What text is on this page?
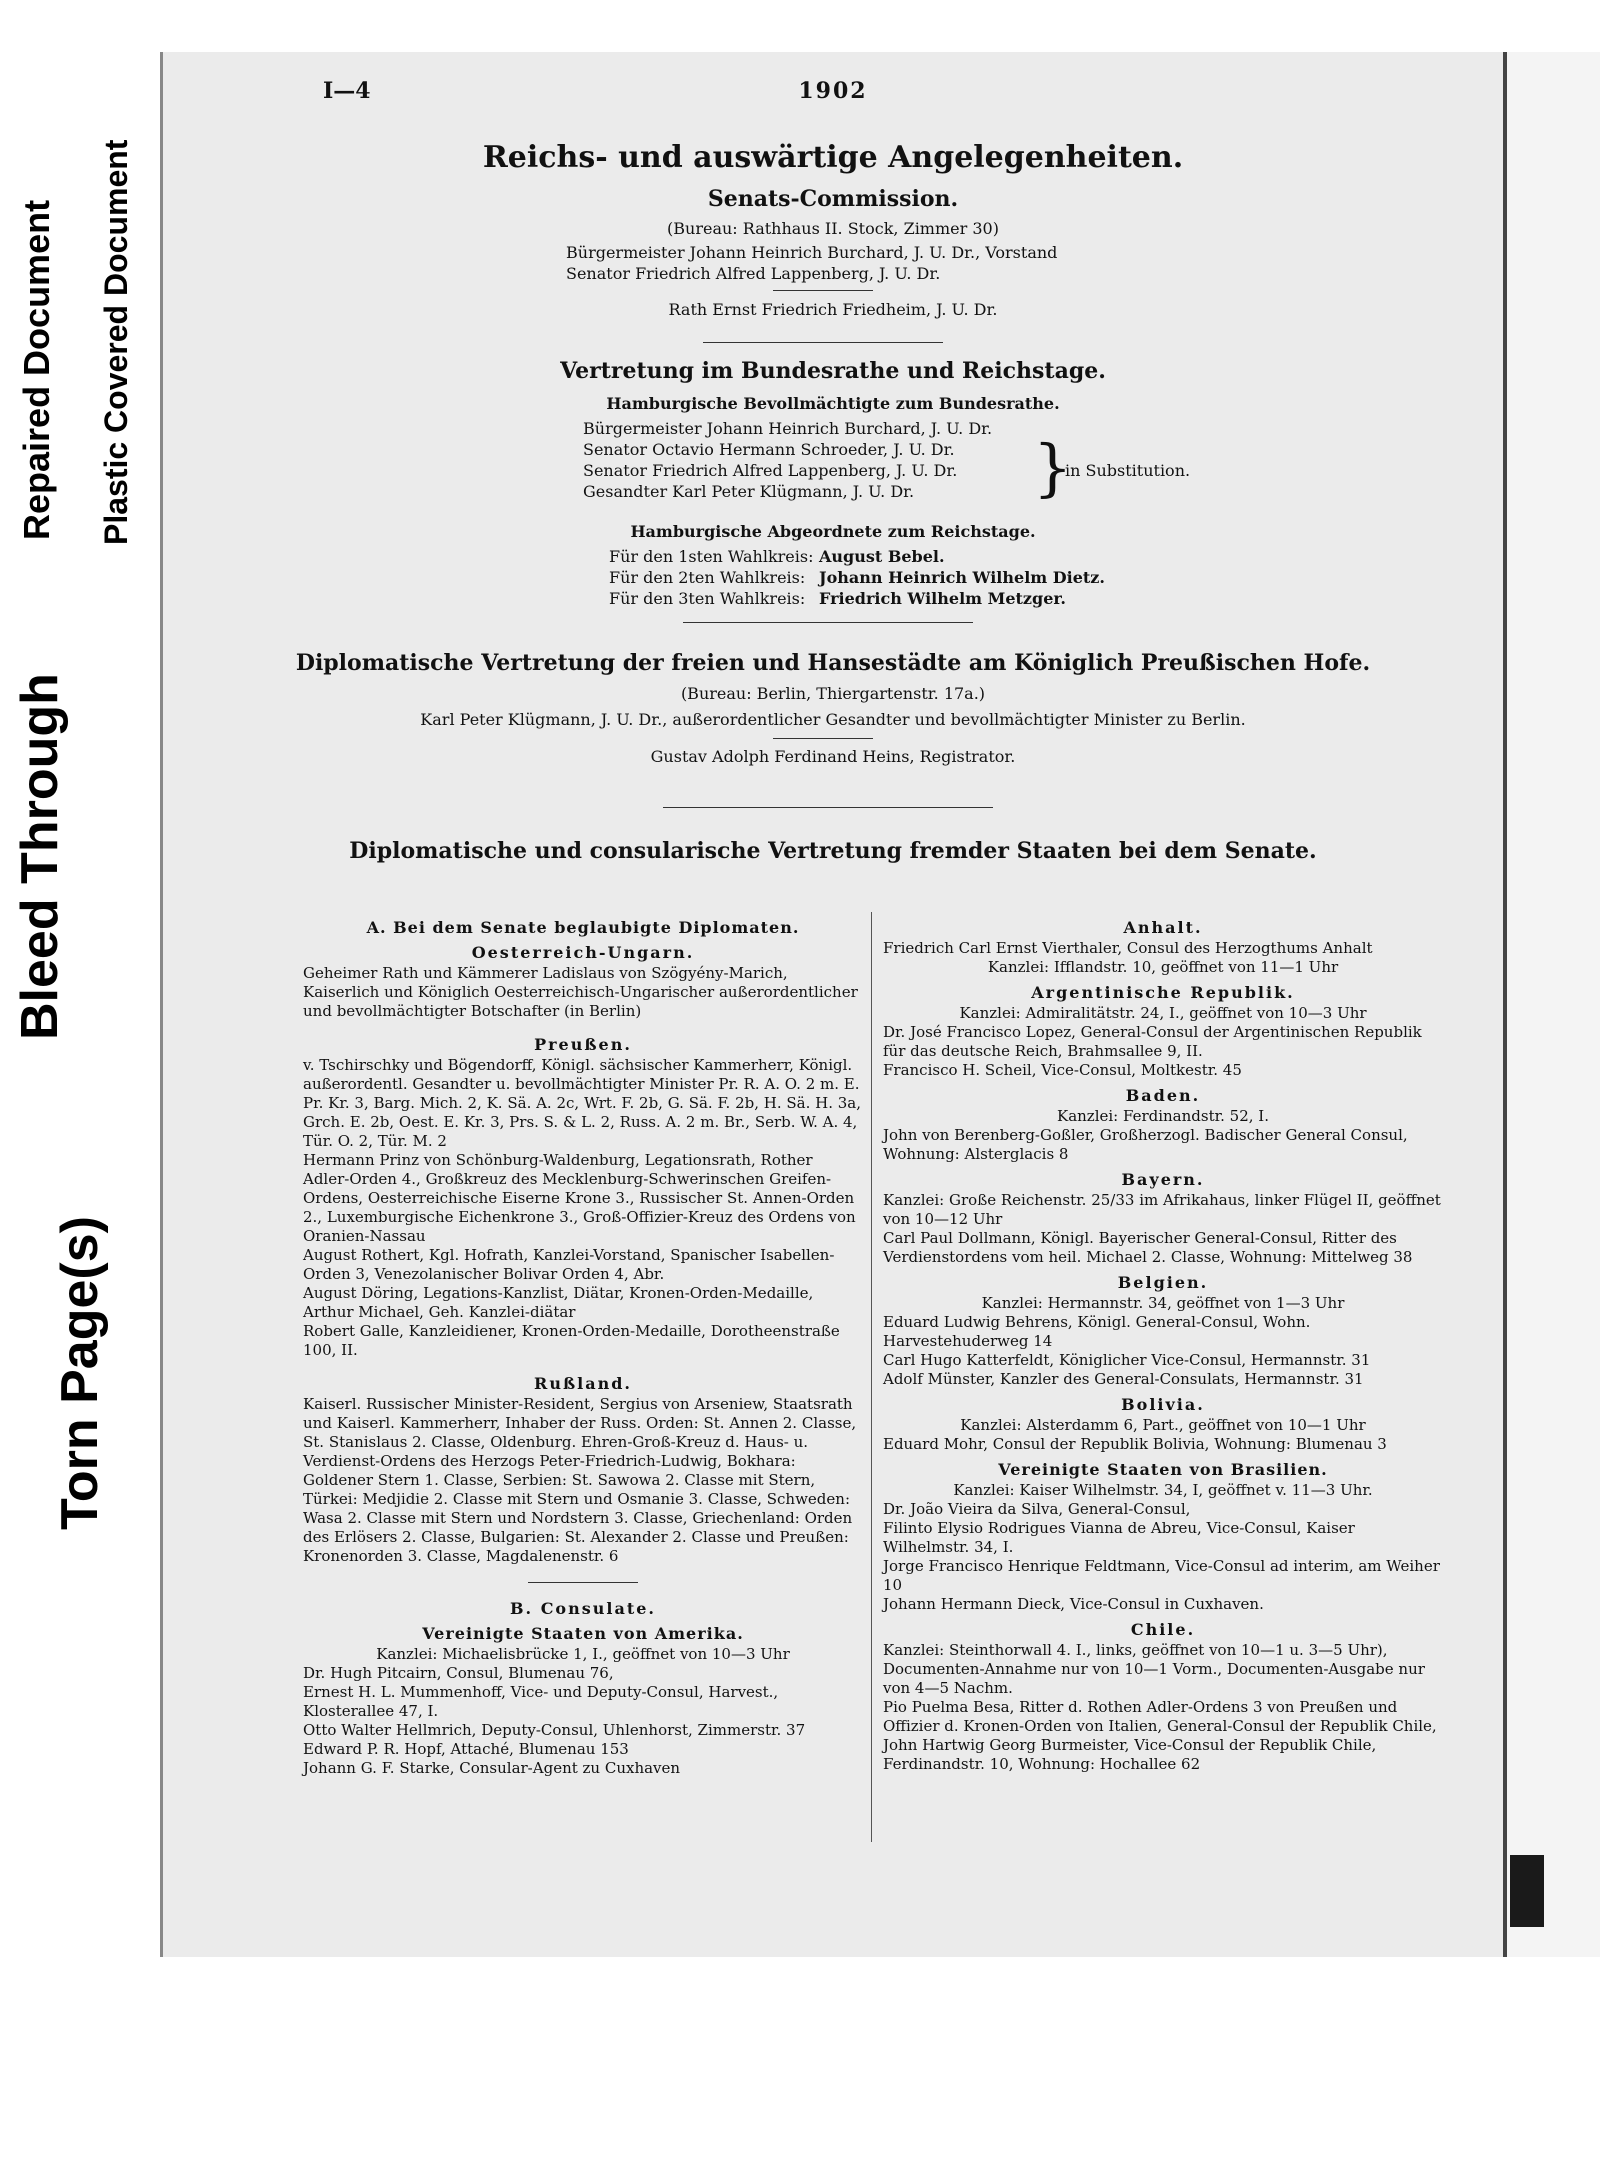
Repaired Document Plastic Covered Document
Bleed Through
Torn Page(s)
I—4	1902
Reichs- und auswärtige Angelegenheiten.
Senats-Commission.
(Bureau: Rathhaus II. Stock, Zimmer 30)
Bürgermeister Johann Heinrich Burchard, J. U. Dr., Vorstand
Senator Friedrich Alfred Lappenberg, J. U. Dr.
Rath Ernst Friedrich Friedheim, J. U. Dr.
Vertretung im Bundesrathe und Reichstage.
Hamburgische Bevollmächtigte zum Bundesrathe.
Bürgermeister Johann Heinrich Burchard, J. U. Dr.
Senator Octavio Hermann Schroeder, J. U. Dr.
Senator Friedrich Alfred Lappenberg, J. U. Dr.
Gesandter Karl Peter Klügmann, J. U. Dr.	}
in Substitution.
Hamburgische Abgeordnete zum Reichstage.
Für den 1sten Wahlkreis: August Bebel.
Für den 2ten Wahlkreis: Johann Heinrich Wilhelm Dietz.
Für den 3ten Wahlkreis: Friedrich Wilhelm Metzger.
Diplomatische Vertretung der freien und Hansestädte am Königlich Preußischen Hofe.
(Bureau: Berlin, Thiergartenstr. 17a.)
Karl Peter Klügmann, J. U. Dr., außerordentlicher Gesandter und bevollmächtigter Minister zu Berlin.
Gustav Adolph Ferdinand Heins, Registrator.
Diplomatische und consularische Vertretung fremder Staaten bei dem Senate.
A. Bei dem Senate beglaubigte Diplomaten.
Oesterreich-Ungarn.

Geheimer Rath und Kämmerer Ladislaus von Szögyény-Marich, Kaiserlich und Königlich Oesterreichisch-Ungarischer außerordentlicher und bevollmächtigter Botschafter (in Berlin)

Preußen.

v. Tschirschky und Bögendorff, Königl. sächsischer Kammerherr, Königl. außerordentl. Gesandter u. bevollmächtigter Minister Pr. R. A. O. 2 m. E. Pr. Kr. 3, Barg. Mich. 2, K. Sä. A. 2c, Wrt. F. 2b, G. Sä. F. 2b, H. Sä. H. 3a, Grch. E. 2b, Oest. E. Kr. 3, Prs. S. & L. 2, Russ. A. 2 m. Br., Serb. W. A. 4, Tür. O. 2, Tür. M. 2

Hermann Prinz von Schönburg-Waldenburg, Legationsrath, Rother Adler-Orden 4., Großkreuz des Mecklenburg-Schwerinschen Greifen-Ordens, Oesterreichische Eiserne Krone 3., Russischer St. Annen-Orden 2., Luxemburgische Eichenkrone 3., Groß-Offizier-Kreuz des Ordens von Oranien-Nassau

August Rothert, Kgl. Hofrath, Kanzlei-Vorstand, Spanischer Isabellen-Orden 3, Venezolanischer Bolivar Orden 4, Abr.

August Döring, Legations-Kanzlist, Diätar, Kronen-Orden-Medaille,

Arthur Michael, Geh. Kanzlei-diätar

Robert Galle, Kanzleidiener, Kronen-Orden-Medaille, Dorotheenstraße 100, II.

Rußland.

Kaiserl. Russischer Minister-Resident, Sergius von Arseniew, Staatsrath und Kaiserl. Kammerherr, Inhaber der Russ. Orden: St. Annen 2. Classe, St. Stanislaus 2. Classe, Oldenburg. Ehren-Groß-Kreuz d. Haus- u. Verdienst-Ordens des Herzogs Peter-Friedrich-Ludwig, Bokhara: Goldener Stern 1. Classe, Serbien: St. Sawowa 2. Classe mit Stern, Türkei: Medjidie 2. Classe mit Stern und Osmanie 3. Classe, Schweden: Wasa 2. Classe mit Stern und Nordstern 3. Classe, Griechenland: Orden des Erlösers 2. Classe, Bulgarien: St. Alexander 2. Classe und Preußen: Kronenorden 3. Classe, Magdalenenstr. 6

B. Consulate.
Vereinigte Staaten von Amerika.

Kanzlei: Michaelisbrücke 1, I., geöffnet von 10—3 Uhr

Dr. Hugh Pitcairn, Consul, Blumenau 76,

Ernest H. L. Mummenhoff, Vice- und Deputy-Consul, Harvest., Klosterallee 47, I.

Otto Walter Hellmrich, Deputy-Consul, Uhlenhorst, Zimmerstr. 37

Edward P. R. Hopf, Attaché, Blumenau 153

Johann G. F. Starke, Consular-Agent zu Cuxhaven

Anhalt.

Friedrich Carl Ernst Vierthaler, Consul des Herzogthums Anhalt

Kanzlei: Ifflandstr. 10, geöffnet von 11—1 Uhr

Argentinische Republik.

Kanzlei: Admiralitätstr. 24, I., geöffnet von 10—3 Uhr

Dr. José Francisco Lopez, General-Consul der Argentinischen Republik für das deutsche Reich, Brahmsallee 9, II.

Francisco H. Scheil, Vice-Consul, Moltkestr. 45

Baden.

Kanzlei: Ferdinandstr. 52, I.

John von Berenberg-Goßler, Großherzogl. Badischer General Consul, Wohnung: Alsterglacis 8

Bayern.

Kanzlei: Große Reichenstr. 25/33 im Afrikahaus, linker Flügel II, geöffnet von 10—12 Uhr

Carl Paul Dollmann, Königl. Bayerischer General-Consul, Ritter des Verdienstordens vom heil. Michael 2. Classe, Wohnung: Mittelweg 38

Belgien.

Kanzlei: Hermannstr. 34, geöffnet von 1—3 Uhr

Eduard Ludwig Behrens, Königl. General-Consul, Wohn. Harvestehuderweg 14

Carl Hugo Katterfeldt, Königlicher Vice-Consul, Hermannstr. 31

Adolf Münster, Kanzler des General-Consulats, Hermannstr. 31

Bolivia.

Kanzlei: Alsterdamm 6, Part., geöffnet von 10—1 Uhr

Eduard Mohr, Consul der Republik Bolivia, Wohnung: Blumenau 3

Vereinigte Staaten von Brasilien.

Kanzlei: Kaiser Wilhelmstr. 34, I, geöffnet v. 11—3 Uhr.

Dr. João Vieira da Silva, General-Consul,

Filinto Elysio Rodrigues Vianna de Abreu, Vice-Consul, Kaiser Wilhelmstr. 34, I.

Jorge Francisco Henrique Feldtmann, Vice-Consul ad interim, am Weiher 10

Johann Hermann Dieck, Vice-Consul in Cuxhaven.

Chile.

Kanzlei: Steinthorwall 4. I., links, geöffnet von 10—1 u. 3—5 Uhr), Documenten-Annahme nur von 10—1 Vorm., Documenten-Ausgabe nur von 4—5 Nachm.

Pio Puelma Besa, Ritter d. Rothen Adler-Ordens 3 von Preußen und Offizier d. Kronen-Orden von Italien, General-Consul der Republik Chile,

John Hartwig Georg Burmeister, Vice-Consul der Republik Chile, Ferdinandstr. 10, Wohnung: Hochallee 62
